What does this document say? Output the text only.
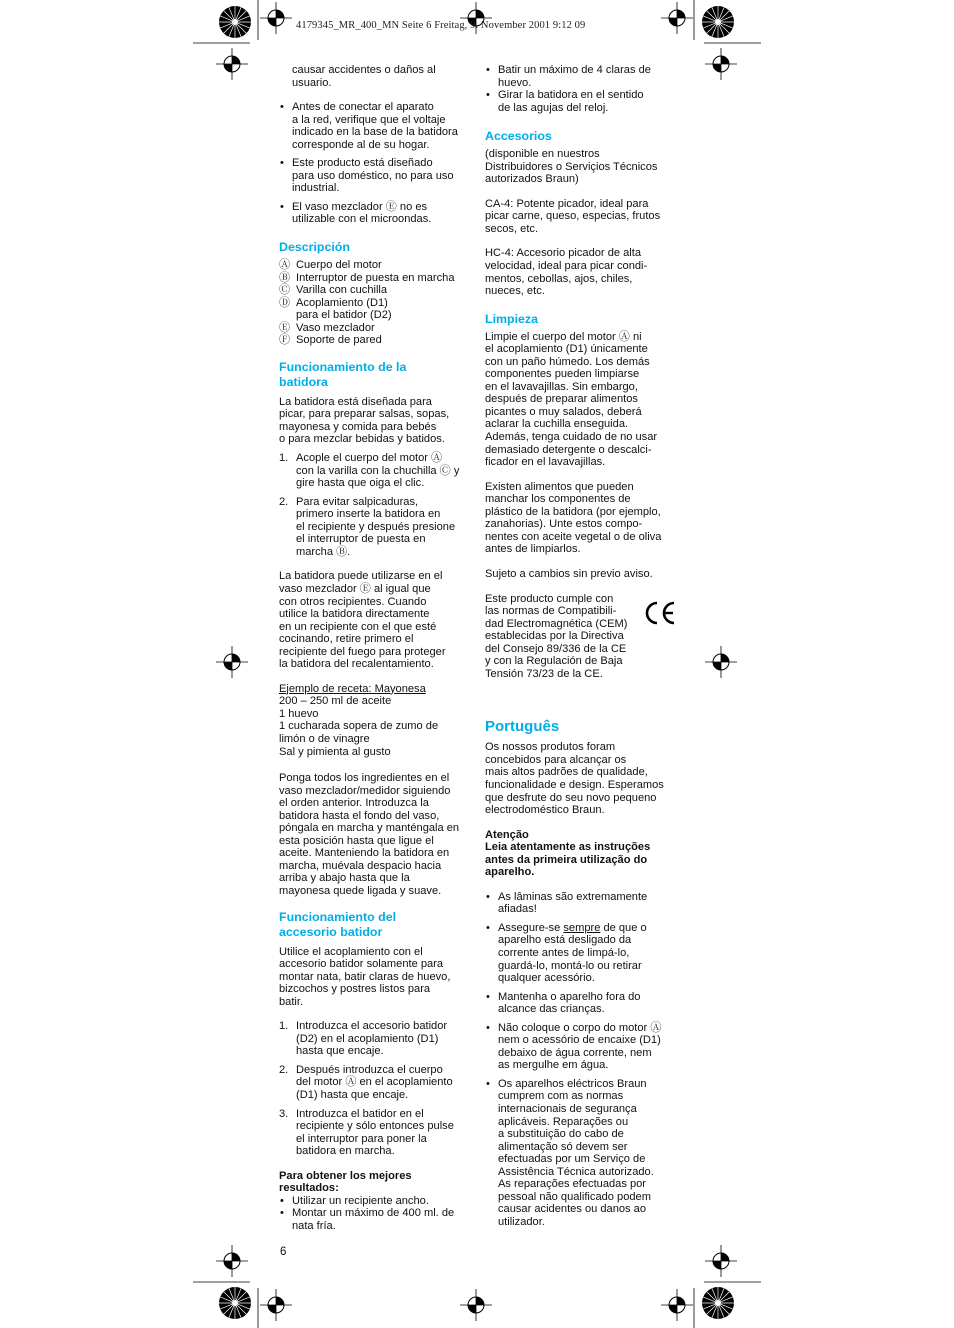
4179345_MR_400_MN Seite 6 Freitag, 9. November 2001 9:12 09

causar accidentes o daños al
usuario.

• Antes de conectar el aparato
a la red, verifique que el voltaje
indicado en la base de la batidora
corresponde al de su hogar.

• Este producto está diseñado
para uso doméstico, no para uso
industrial.

• El vaso mezclador Ⓔ no es
utilizable con el microondas.

Descripción

Ⓐ Cuerpo del motor
Ⓑ Interruptor de puesta en marcha
Ⓒ Varilla con cuchilla
Ⓓ Acoplamiento (D1)
para el batidor (D2)
Ⓔ Vaso mezclador
Ⓕ Soporte de pared

Funcionamiento de la
batidora

La batidora está diseñada para
picar, para preparar salsas, sopas,
mayonesa y comida para bebés
o para mezclar bebidas y batidos.

1. Acople el cuerpo del motor Ⓐ
con la varilla con la chuchilla Ⓒ y
gire hasta que oiga el clic.
2. Para evitar salpicaduras,
primero inserte la batidora en
el recipiente y después presione
el interruptor de puesta en
marcha Ⓑ.

La batidora puede utilizarse en el
vaso mezclador Ⓔ al igual que
con otros recipientes. Cuando
utilice la batidora directamente
en un recipiente con el que esté
cocinando, retire primero el
recipiente del fuego para proteger
la batidora del recalentamiento.

Ejemplo de receta: Mayonesa
200 – 250 ml de aceite
1 huevo
1 cucharada sopera de zumo de
limón o de vinagre
Sal y pimienta al gusto

Ponga todos los ingredientes en el
vaso mezclador/medidor siguiendo
el orden anterior. Introduzca la
batidora hasta el fondo del vaso,
póngala en marcha y manténgala en
esta posición hasta que ligue el
aceite. Manteniendo la batidora en
marcha, muévala despacio hacia
arriba y abajo hasta que la
mayonesa quede ligada y suave.

Funcionamiento del
accesorio batidor

Utilice el acoplamiento con el
accesorio batidor solamente para
montar nata, batir claras de huevo,
bizcochos y postres listos para
batir.

1. Introduzca el accesorio batidor
(D2) en el acoplamiento (D1)
hasta que encaje.
2. Después introduzca el cuerpo
del motor Ⓐ en el acoplamiento
(D1) hasta que encaje.
3. Introduzca el batidor en el
recipiente y sólo entonces pulse
el interruptor para poner la
batidora en marcha.

Para obtener los mejores
resultados:

• Utilizar un recipiente ancho.

• Montar un máximo de 400 ml. de
nata fría.

• Batir un máximo de 4 claras de
huevo.

• Girar la batidora en el sentido
de las agujas del reloj.

Accesorios

(disponible en nuestros
Distribuidores o Serviçios Técnicos
autorizados Braun)

CA-4: Potente picador, ideal para
picar carne, queso, especias, frutos
secos, etc.

HC-4: Accesorio picador de alta
velocidad, ideal para picar condi-
mentos, cebollas, ajos, chiles,
nueces, etc.

Limpieza

Limpie el cuerpo del motor Ⓐ ni
el acoplamiento (D1) únicamente
con un paño húmedo. Los demás
componentes pueden limpiarse
en el lavavajillas. Sin embargo,
después de preparar alimentos
picantes o muy salados, deberá
aclarar la cuchilla enseguida.
Además, tenga cuidado de no usar
demasiado detergente o descalci-
ficador en el lavavajillas.

Existen alimentos que pueden
manchar los componentes de
plástico de la batidora (por ejemplo,
zanahorias). Unte estos compo-
nentes con aceite vegetal o de oliva
antes de limpiarlos.

Sujeto a cambios sin previo aviso.

Este producto cumple con
las normas de Compatibili-
dad Electromagnética (CEM)
establecidas por la Directiva
del Consejo 89/336 de la CE
y con la Regulación de Baja
Tensión 73/23 de la CE.

Português

Os nossos produtos foram
concebidos para alcançar os
mais altos padrões de qualidade,
funcionalidade e design. Esperamos
que desfrute do seu novo pequeno
electrodoméstico Braun.

Atenção
Leia atentamente as instruções
antes da primeira utilização do
aparelho.

• As lâminas são extremamente
afiadas!

• Assegure-se sempre de que o
aparelho está desligado da
corrente antes de limpá-lo,
guardá-lo, montá-lo ou retirar
qualquer acessório.

• Mantenha o aparelho fora do
alcance das crianças.

• Não coloque o corpo do motor Ⓐ
nem o acessório de encaixe (D1)
debaixo de água corrente, nem
as mergulhe em água.

• Os aparelhos eléctricos Braun
cumprem com as normas
internacionais de segurança
aplicáveis. Reparações ou
a substituição do cabo de
alimentação só devem ser
efectuadas por um Serviço de
Assistência Técnica autorizado.
As reparações efectuadas por
pessoal não qualificado podem
causar acidentes ou danos ao
utilizador.

6
